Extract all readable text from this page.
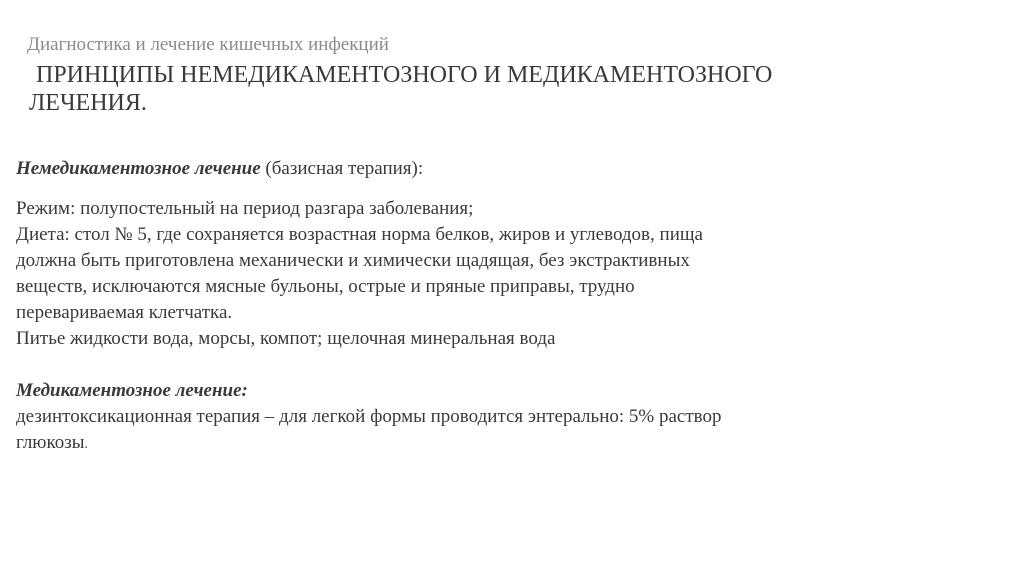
Диагностика и лечение кишечных инфекций
ПРИНЦИПЫ НЕМЕДИКАМЕНТОЗНОГО И МЕДИКАМЕНТОЗНОГО
ЛЕЧЕНИЯ.
Немедикаментозное лечение (базисная терапия):
Режим: полупостельный на период разгара заболевания;
Диета: стол № 5, где сохраняется возрастная норма белков, жиров и углеводов, пища
должна быть приготовлена механически и химически щадящая, без экстрактивных
веществ, исключаются мясные бульоны, острые и пряные приправы, трудно
перевариваемая клетчатка.
Питье жидкости вода, морсы, компот; щелочная минеральная вода
Медикаментозное лечение:
дезинтоксикационная терапия – для легкой формы проводится энтерально: 5% раствор
глюкозы.
